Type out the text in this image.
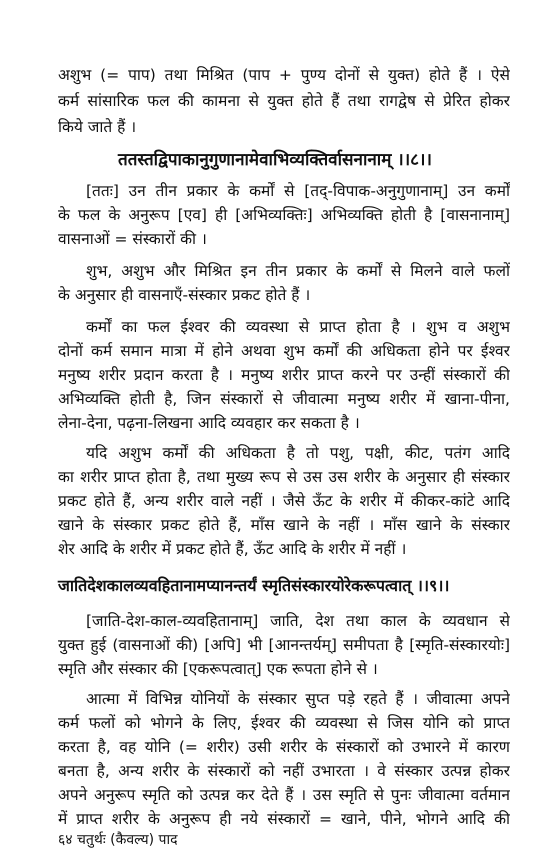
अशुभ (= पाप) तथा मिश्रित (पाप + पुण्य दोनों से युक्त) होते हैं । ऐसे
कर्म सांसारिक फल की कामना से युक्त होते हैं तथा रागद्वेष से प्रेरित होकर
किये जाते हैं ।
ततस्तद्विपाकानुगुणानामेवाभिव्यक्तिर्वासनानाम् ।।८।।
[ततः] उन तीन प्रकार के कर्मों से [तद्-विपाक-अनुगुणानाम्] उन कर्मों
के फल के अनुरूप [एव] ही [अभिव्यक्तिः] अभिव्यक्ति होती है [वासनानाम्]
वासनाओं = संस्कारों की ।
शुभ, अशुभ और मिश्रित इन तीन प्रकार के कर्मों से मिलने वाले फलों
के अनुसार ही वासनाएँ-संस्कार प्रकट होते हैं ।
कर्मों का फल ईश्वर की व्यवस्था से प्राप्त होता है । शुभ व अशुभ
दोनों कर्म समान मात्रा में होने अथवा शुभ कर्मों की अधिकता होने पर ईश्वर
मनुष्य शरीर प्रदान करता है । मनुष्य शरीर प्राप्त करने पर उन्हीं संस्कारों की
अभिव्यक्ति होती है, जिन संस्कारों से जीवात्मा मनुष्य शरीर में खाना-पीना,
लेना-देना, पढ़ना-लिखना आदि व्यवहार कर सकता है ।
यदि अशुभ कर्मों की अधिकता है तो पशु, पक्षी, कीट, पतंग आदि
का शरीर प्राप्त होता है, तथा मुख्य रूप से उस उस शरीर के अनुसार ही संस्कार
प्रकट होते हैं, अन्य शरीर वाले नहीं । जैसे ऊँट के शरीर में कीकर-कांटे आदि
खाने के संस्कार प्रकट होते हैं, माँस खाने के नहीं । माँस खाने के संस्कार
शेर आदि के शरीर में प्रकट होते हैं, ऊँट आदि के शरीर में नहीं ।
जातिदेशकालव्यवहितानामप्यानन्तर्यं स्मृतिसंस्कारयोरेकरूपत्वात् ।।९।।
[जाति-देश-काल-व्यवहितानाम्] जाति, देश तथा काल के व्यवधान से
युक्त हुई (वासनाओं की) [अपि] भी [आनन्तर्यम्] समीपता है [स्मृति-संस्कारयोः]
स्मृति और संस्कार की [एकरूपत्वात्] एक रूपता होने से ।
आत्मा में विभिन्न योनियों के संस्कार सुप्त पड़े रहते हैं । जीवात्मा अपने
कर्म फलों को भोगने के लिए, ईश्वर की व्यवस्था से जिस योनि को प्राप्त
करता है, वह योनि (= शरीर) उसी शरीर के संस्कारों को उभारने में कारण
बनता है, अन्य शरीर के संस्कारों को नहीं उभारता । वे संस्कार उत्पन्न होकर
अपने अनुरूप स्मृति को उत्पन्न कर देते हैं । उस स्मृति से पुनः जीवात्मा वर्तमान
में प्राप्त शरीर के अनुरूप ही नये संस्कारों = खाने, पीने, भोगने आदि की
६४ चतुर्थः (कैवल्य) पाद
